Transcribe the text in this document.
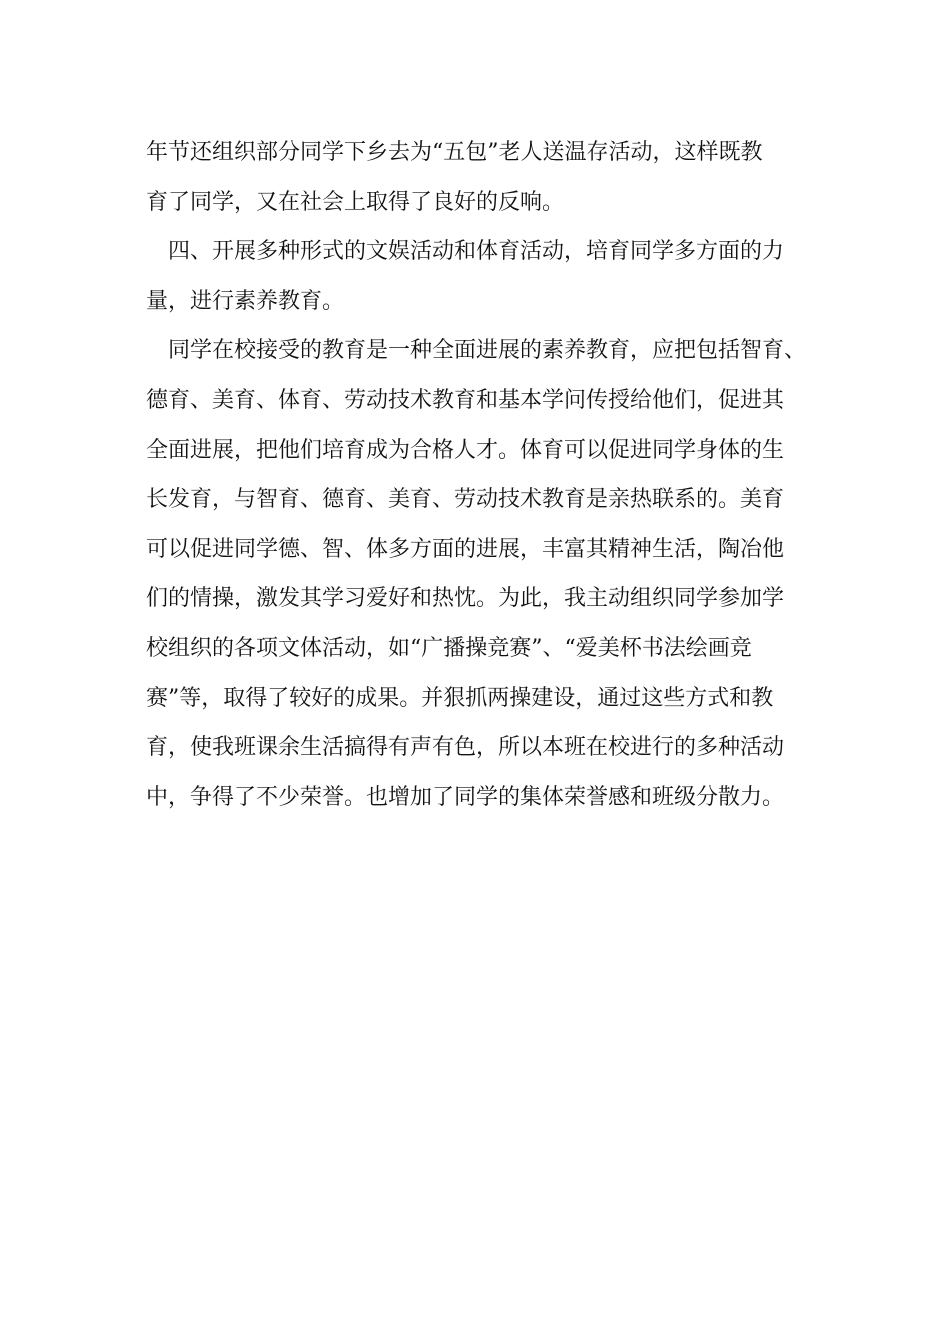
年节还组织部分同学下乡去为“五包”老人送温存活动，这样既教
育了同学，又在社会上取得了良好的反响。

四、开展多种形式的文娱活动和体育活动，培育同学多方面的力
量，进行素养教育。

同学在校接受的教育是一种全面进展的素养教育，应把包括智育、
德育、美育、体育、劳动技术教育和基本学问传授给他们，促进其
全面进展，把他们培育成为合格人才。体育可以促进同学身体的生
长发育，与智育、德育、美育、劳动技术教育是亲热联系的。美育
可以促进同学德、智、体多方面的进展，丰富其精神生活，陶冶他
们的情操，激发其学习爱好和热忱。为此，我主动组织同学参加学
校组织的各项文体活动，如“广播操竞赛”、“爱美杯书法绘画竞
赛”等，取得了较好的成果。并狠抓两操建设，通过这些方式和教
育，使我班课余生活搞得有声有色，所以本班在校进行的多种活动
中，争得了不少荣誉。也增加了同学的集体荣誉感和班级分散力。
